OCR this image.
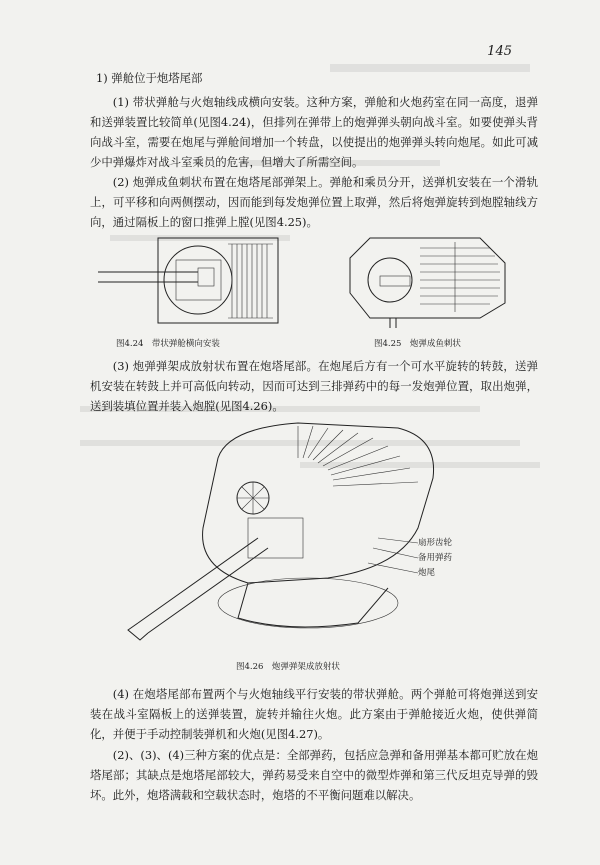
145
1) 弹舱位于炮塔尾部

(1) 带状弹舱与火炮轴线成横向安装。这种方案，弹舱和火炮药室在同一高度，退弹和送弹装置比较简单(见图4.24)，但排列在弹带上的炮弹弹头朝向战斗室。如要使弹头背向战斗室，需要在炮尾与弹舱间增加一个转盘，以使提出的炮弹弹头转向炮尾。如此可减少中弹爆炸对战斗室乘员的危害，但增大了所需空间。

(2) 炮弹成鱼刺状布置在炮塔尾部弹架上。弹舱和乘员分开，送弹机安装在一个滑轨上，可平移和向两侧摆动，因而能到每发炮弹位置上取弹，然后将炮弹旋转到炮膛轴线方向，通过隔板上的窗口推弹上膛(见图4.25)。

图4.24　带状弹舱横向安装	图4.25　炮弹成鱼刺状

(3) 炮弹弹架成放射状布置在炮塔尾部。在炮尾后方有一个可水平旋转的转鼓，送弹机安装在转鼓上并可高低向转动，因而可达到三排弹药中的每一发炮弹位置，取出炮弹，送到装填位置并装入炮膛(见图4.26)。

扇形齿轮
备用弹药
炮尾
图4.26　炮弹弹架成放射状

(4) 在炮塔尾部布置两个与火炮轴线平行安装的带状弹舱。两个弹舱可将炮弹送到安装在战斗室隔板上的送弹装置，旋转并输往火炮。此方案由于弹舱接近火炮，使供弹简化，并便于手动控制装弹机和火炮(见图4.27)。

(2)、(3)、(4)三种方案的优点是：全部弹药，包括应急弹和备用弹基本都可贮放在炮塔尾部；其缺点是炮塔尾部较大，弹药易受来自空中的微型炸弹和第三代反坦克导弹的毁坏。此外，炮塔满载和空载状态时，炮塔的不平衡问题难以解决。
